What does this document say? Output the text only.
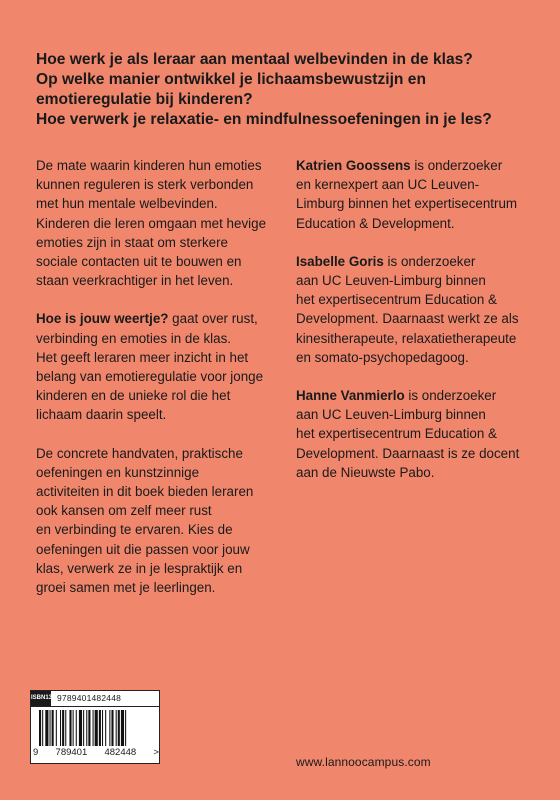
Hoe werk je als leraar aan mentaal welbevinden in de klas?
Op welke manier ontwikkel je lichaamsbewustzijn en
emotieregulatie bij kinderen?
Hoe verwerk je relaxatie- en mindfulnessoefeningen in je les?
De mate waarin kinderen hun emoties
kunnen reguleren is sterk verbonden
met hun mentale welbevinden.
Kinderen die leren omgaan met hevige
emoties zijn in staat om sterkere
sociale contacten uit te bouwen en
staan veerkrachtiger in het leven.
Hoe is jouw weertje? gaat over rust,
verbinding en emoties in de klas.
Het geeft leraren meer inzicht in het
belang van emotieregulatie voor jonge
kinderen en de unieke rol die het
lichaam daarin speelt.
De concrete handvaten, praktische
oefeningen en kunstzinnige
activiteiten in dit boek bieden leraren
ook kansen om zelf meer rust
en verbinding te ervaren. Kies de
oefeningen uit die passen voor jouw
klas, verwerk ze in je lespraktijk en
groei samen met je leerlingen.
Katrien Goossens is onderzoeker
en kernexpert aan UC Leuven-
Limburg binnen het expertisecentrum
Education & Development.
Isabelle Goris is onderzoeker
aan UC Leuven-Limburg binnen
het expertisecentrum Education &
Development. Daarnaast werkt ze als
kinesitherapeute, relaxatietherapeute
en somato-psychopedagoog.
Hanne Vanmierlo is onderzoeker
aan UC Leuven-Limburg binnen
het expertisecentrum Education &
Development. Daarnaast is ze docent
aan de Nieuwste Pabo.
ISBN13 9789401482448
9 789401 482448 >
www.lannoocampus.com
